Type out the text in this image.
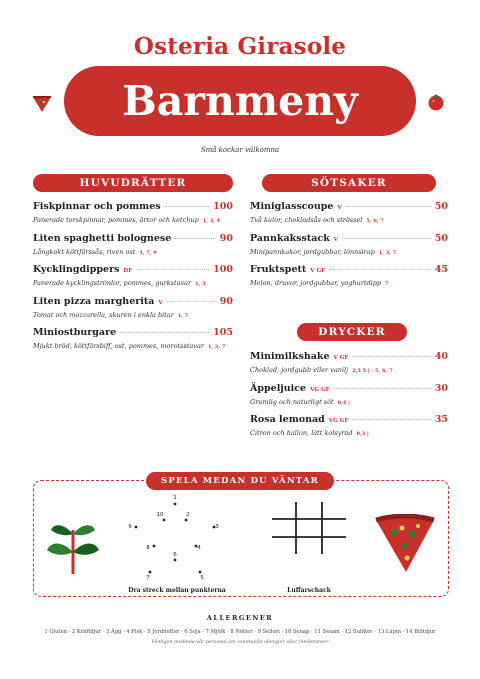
Osteria Girasole
Barnmeny
Små kockar välkomna
HUVUDRÄTTER	SÖTSAKER
DRYCKER
Fiskpinnar och pommes	100
Panerade torskpinnar, pommes, ärtor och ketchup 1, 3, 4
Liten spaghetti bolognese	90
Långkokt köttfärssås, riven ost 1, 7, 9
Kycklingdippers DF	100
Panerade kycklingstrimlor, pommes, gurkstavar 1, 3
Liten pizza margherita V	90
Tomat och mozzarella, skuren i enkla bitar 1, 7
Miniostburgare	105
Mjukt bröd, köttfärsbiff, ost, pommes, morotsstavar 1, 3, 7
Miniglasscoupe V	50
Två kulor, chokladsås och strössel 5, 6, 7
Pannkaksstack V	50
Minipannkakor, jordgubbar, lönnsirap 1, 3, 7
Fruktspett V GF	45
Melon, druvor, jordgubbar, yoghurtdipp 7
Minimilkshake V GF	40
Choklad, jordgubb eller vanilj 2,3 5 | - 5, 6, 7
Äppeljuice VG GF	30
Grumlig och naturligt söt 0,4 |
Rosa lemonad VG GF	35
Citron och hallon, lätt kolsyrad 0,3 |
SPELA MEDAN DU VÄNTAR
1
2
3
4
5
6
7
8
9
10
Dra streck mellan punkterna	Luffarschack
ALLERGENER
1 Gluten · 2 Kräftdjur · 3 Ägg · 4 Fisk · 5 Jordnötter · 6 Soja · 7 Mjölk · 8 Nötter · 9 Selleri · 10 Senap · 11 Sesam · 12 Sulfiter · 13 Lupin · 14 Blötdjur
Vänligen meddela vår personal om eventuella allergier eller intoleranser
